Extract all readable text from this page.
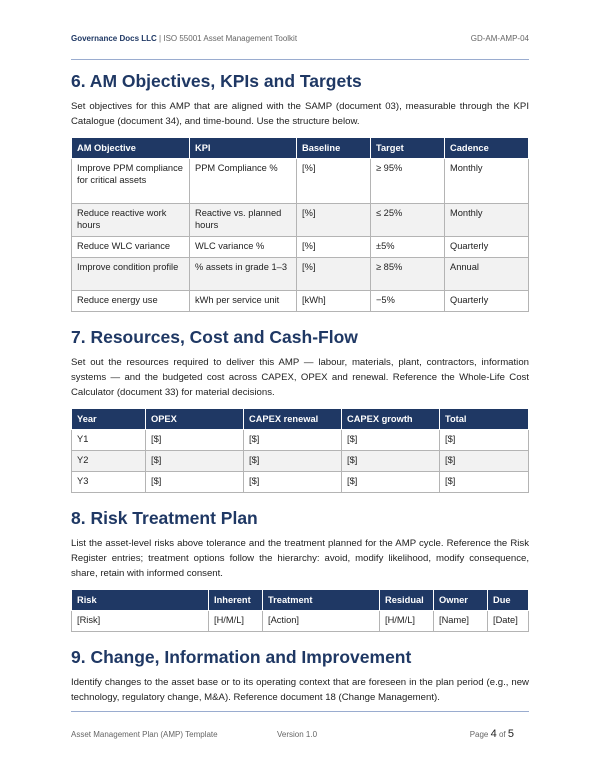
Governance Docs LLC | ISO 55001 Asset Management Toolkit	GD-AM-AMP-04
6. AM Objectives, KPIs and Targets

Set objectives for this AMP that are aligned with the SAMP (document 03), measurable through the KPI Catalogue (document 34), and time-bound. Use the structure below.

AM Objective	KPI	Baseline	Target	Cadence
Improve PPM compliance for critical assets	PPM Compliance %	[%]	≥ 95%	Monthly
Reduce reactive work hours	Reactive vs. planned hours	[%]	≤ 25%	Monthly
Reduce WLC variance	WLC variance %	[%]	±5%	Quarterly
Improve condition profile	% assets in grade 1–3	[%]	≥ 85%	Annual
Reduce energy use	kWh per service unit	[kWh]	−5%	Quarterly
7. Resources, Cost and Cash-Flow

Set out the resources required to deliver this AMP — labour, materials, plant, contractors, information systems — and the budgeted cost across CAPEX, OPEX and renewal. Reference the Whole-Life Cost Calculator (document 33) for material decisions.

Year	OPEX	CAPEX renewal	CAPEX growth	Total
Y1	[$]	[$]	[$]	[$]
Y2	[$]	[$]	[$]	[$]
Y3	[$]	[$]	[$]	[$]
8. Risk Treatment Plan

List the asset-level risks above tolerance and the treatment planned for the AMP cycle. Reference the Risk Register entries; treatment options follow the hierarchy: avoid, modify likelihood, modify consequence, share, retain with informed consent.

Risk	Inherent	Treatment	Residual	Owner	Due
[Risk]	[H/M/L]	[Action]	[H/M/L]	[Name]	[Date]
9. Change, Information and Improvement

Identify changes to the asset base or to its operating context that are foreseen in the plan period (e.g., new technology, regulatory change, M&A). Reference document 18 (Change Management).

Asset Management Plan (AMP) Template	Version 1.0	Page 4 of 5
